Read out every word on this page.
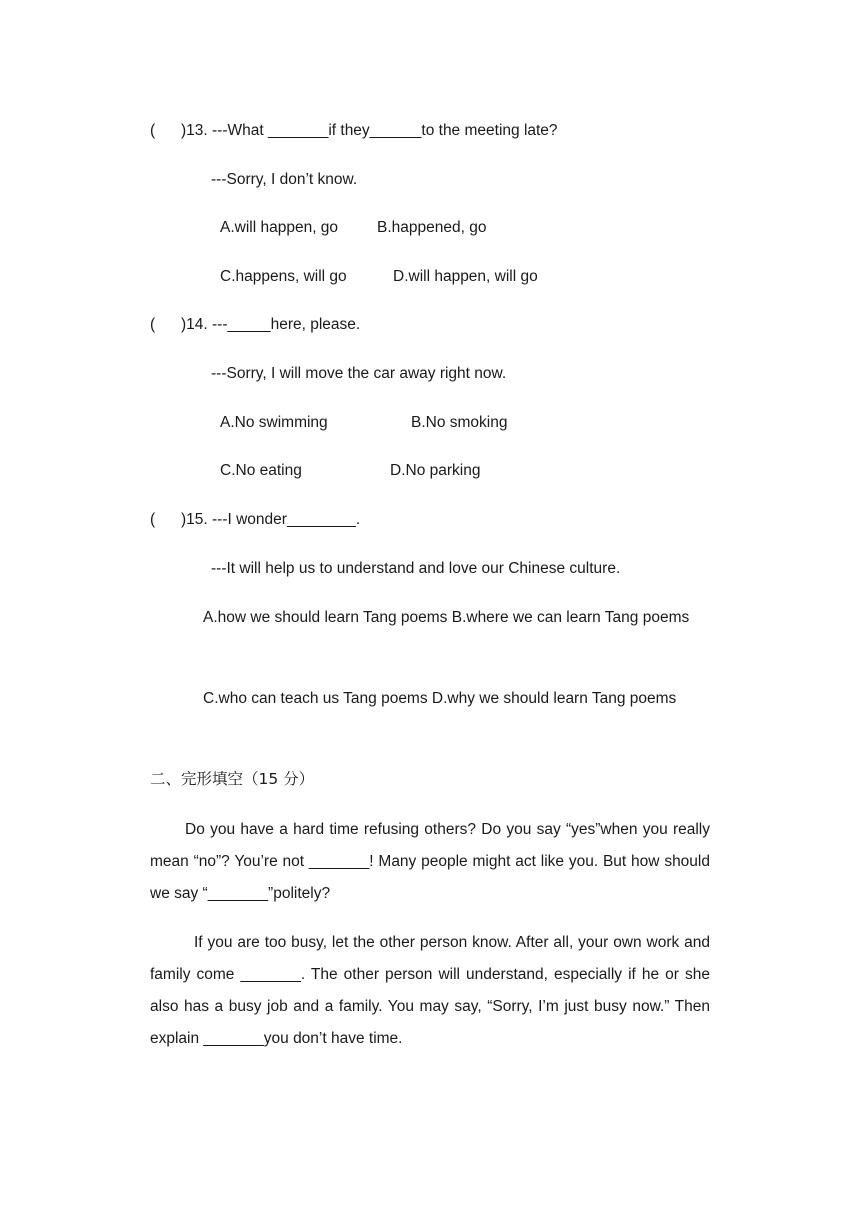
(      )13. ---What _______if they______to the meeting late?
---Sorry, I don’t know.
A.will happen, go	B.happened, go
C.happens, will go	D.will happen, will go
(      )14. ---_____here, please.
---Sorry, I will move the car away right now.
A.No swimming	B.No smoking
C.No eating	D.No parking
(      )15. ---I wonder________.
---It will help us to understand and love our Chinese culture.

A.how we should learn Tang poems B.where we can learn Tang poems

C.who can teach us Tang poems D.why we should learn Tang poems

二、完形填空（15 分）

Do you have a hard time refusing others? Do you say “yes”when you really mean “no”? You’re not _______! Many people might act like you. But how should we say “_______”politely?

If you are too busy, let the other person know. After all, your own work and family come _______. The other person will understand, especially if he or she also has a busy job and a family. You may say, “Sorry, I’m just busy now.” Then explain _______you don’t have time.
